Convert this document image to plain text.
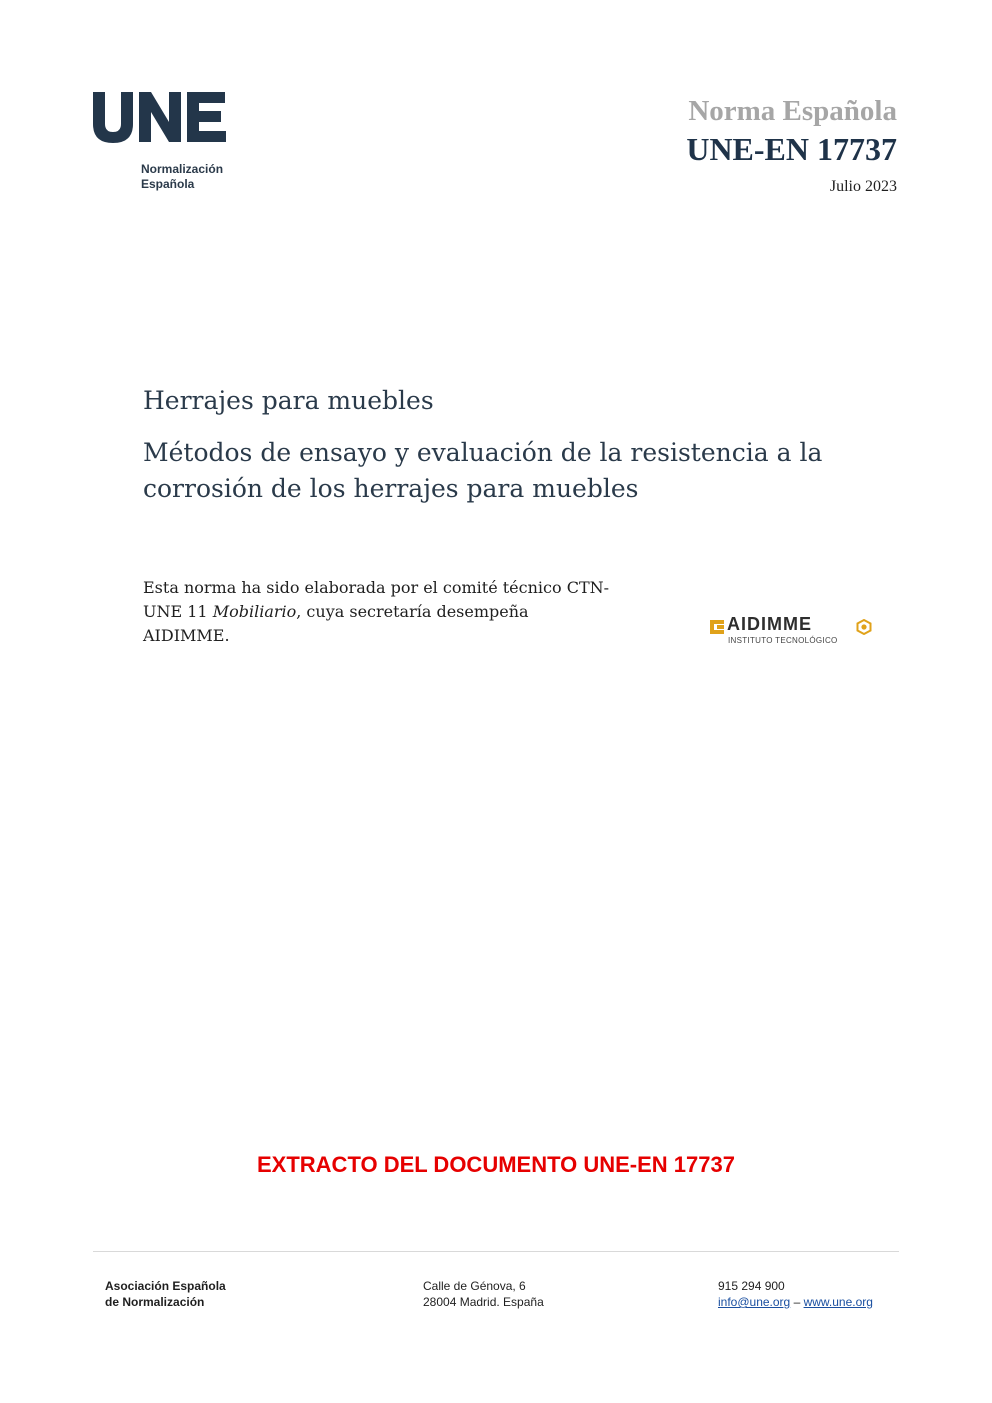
Normalización
Española
Norma Española
UNE-EN 17737
Julio 2023
Herrajes para muebles
Métodos de ensayo y evaluación de la resistencia a la corrosión de los herrajes para muebles
Esta norma ha sido elaborada por el comité técnico CTN-UNE 11 Mobiliario, cuya secretaría desempeña AIDIMME.
AIDIMME
INSTITUTO TECNOLÓGICO
EXTRACTO DEL DOCUMENTO UNE-EN 17737
Asociación Española
de Normalización
Calle de Génova, 6
28004 Madrid. España
915 294 900
info@une.org – www.une.org
